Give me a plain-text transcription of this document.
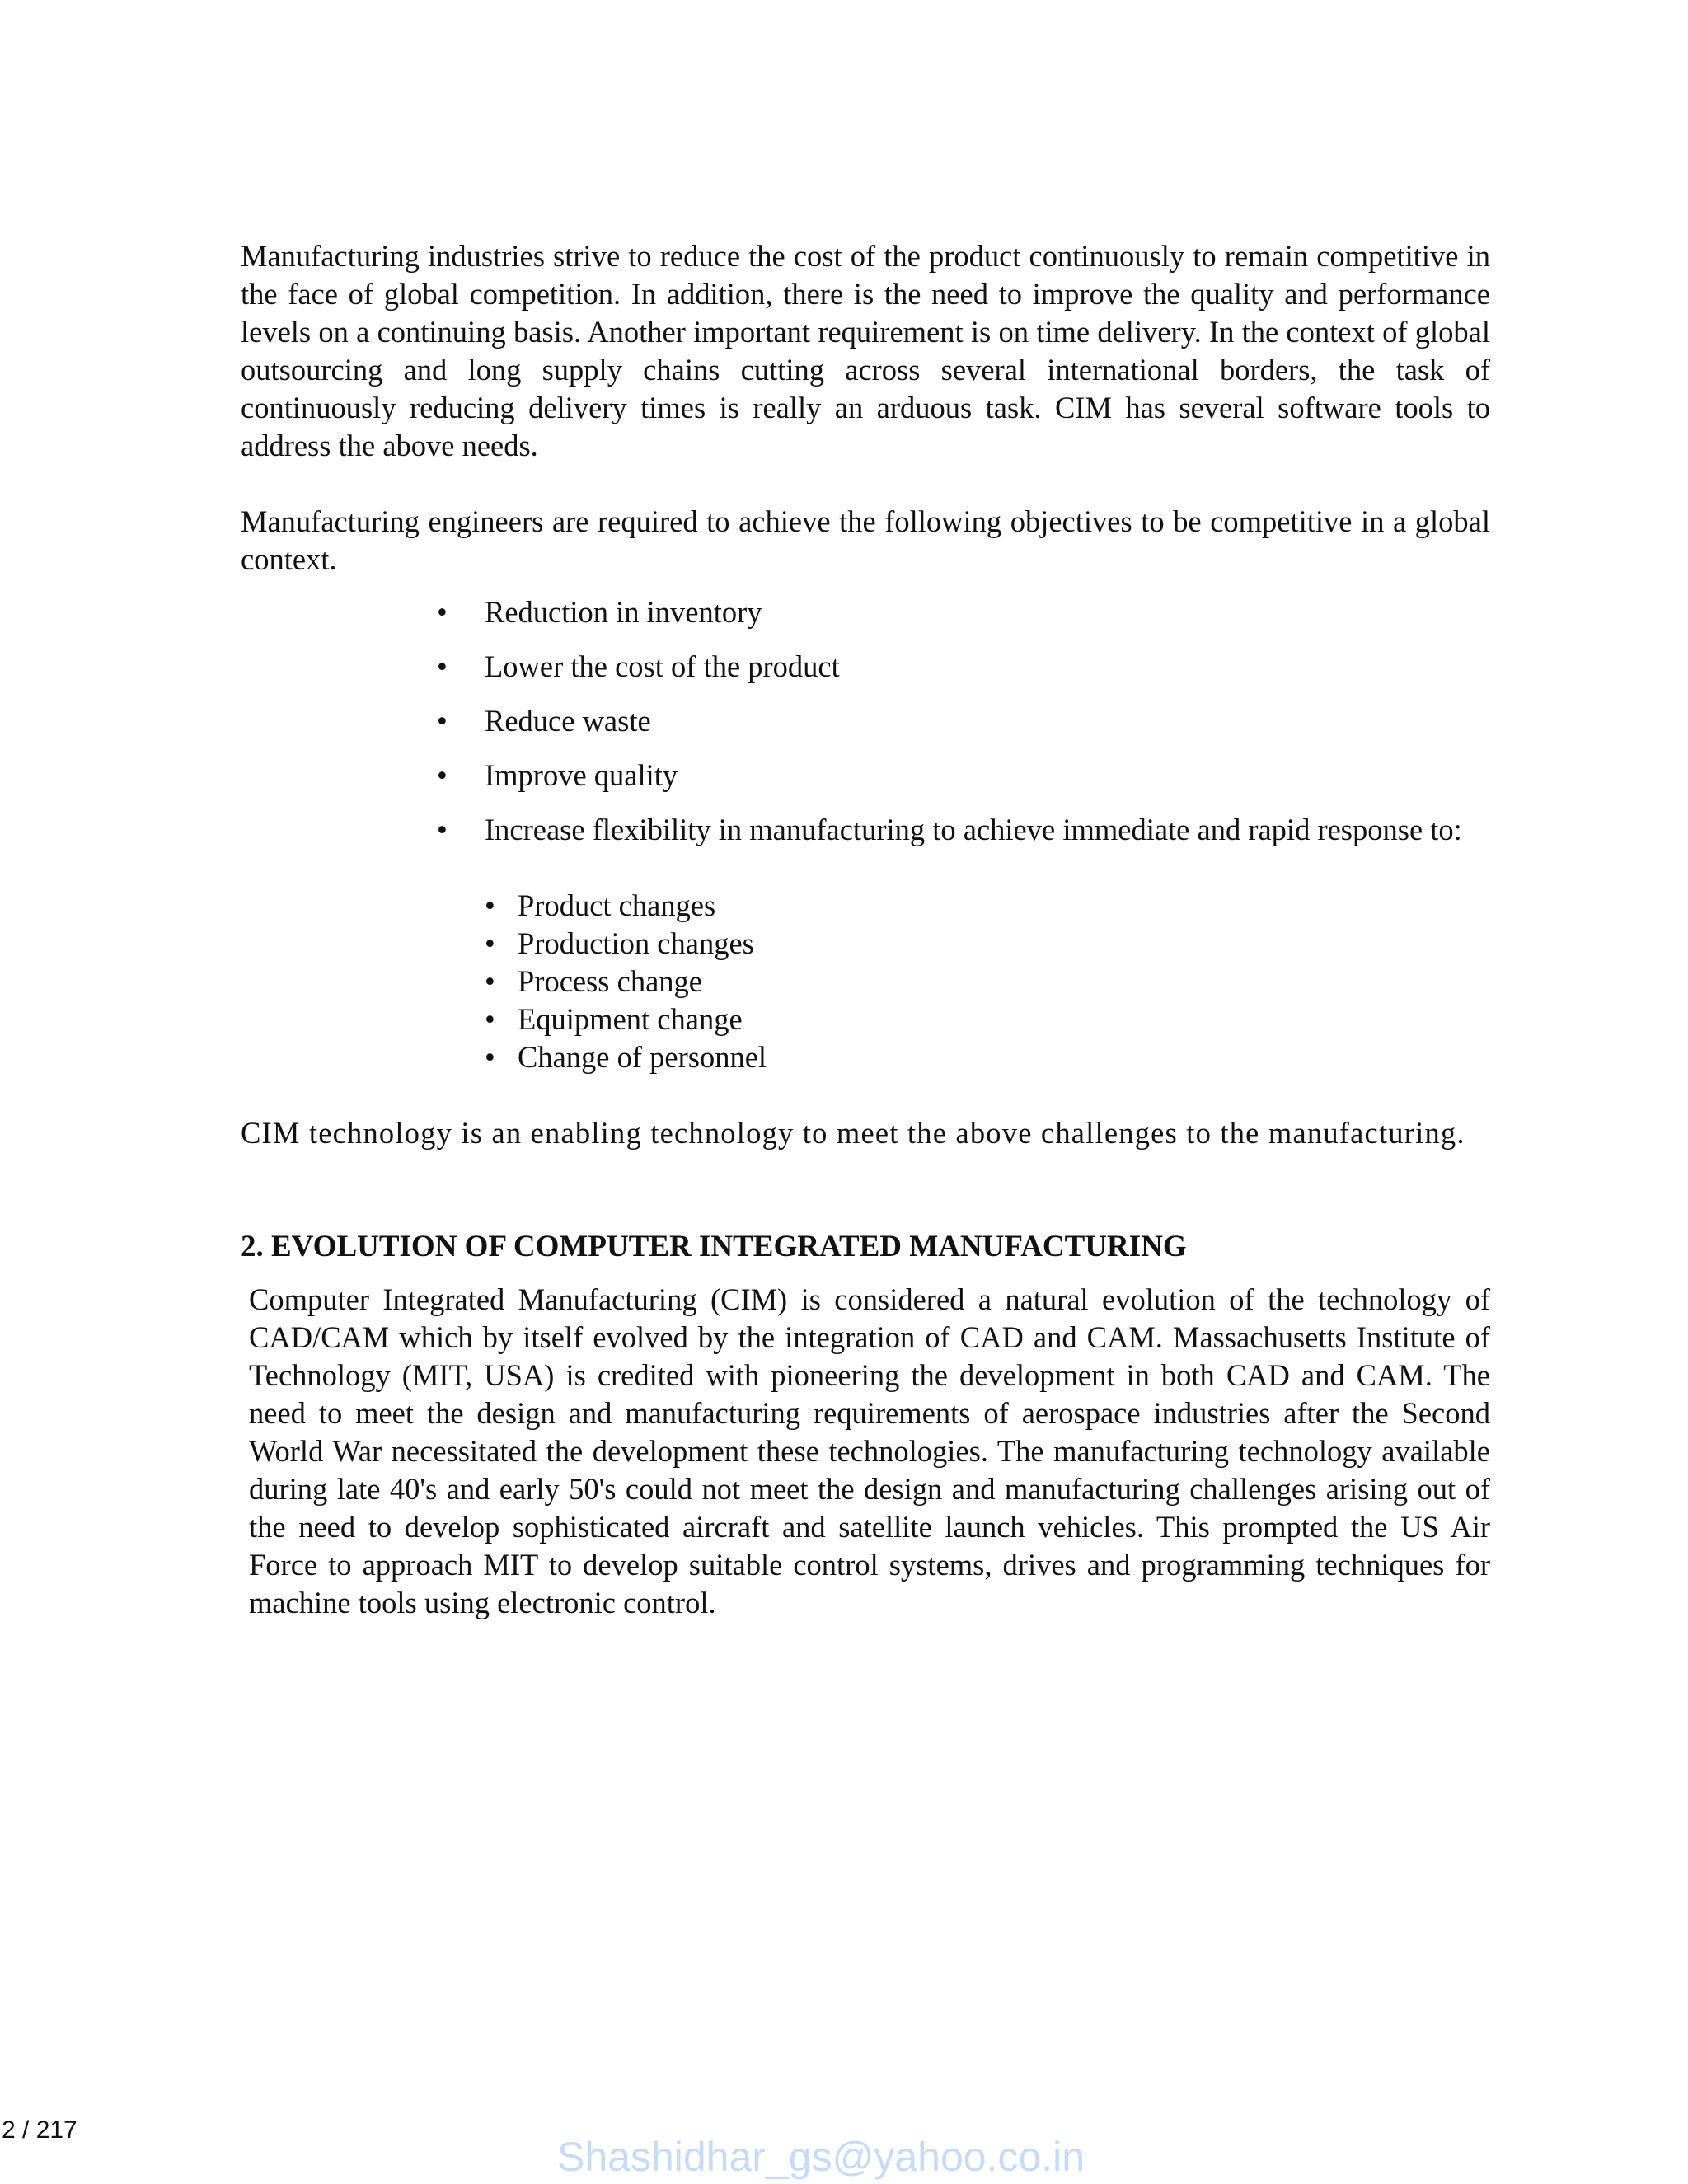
Manufacturing industries strive to reduce the cost of the product continuously to remain competitive in the face of global competition. In addition, there is the need to improve the quality and performance levels on a continuing basis. Another important requirement is on time delivery. In the context of global outsourcing and long supply chains cutting across several international borders, the task of continuously reducing delivery times is really an arduous task. CIM has several software tools to address the above needs.

Manufacturing engineers are required to achieve the following objectives to be competitive in a global context.

• Reduction in inventory
• Lower the cost of the product
• Reduce waste
• Improve quality
• Increase flexibility in manufacturing to achieve immediate and rapid response to:
• Product changes
• Production changes
• Process change
• Equipment change
• Change of personnel

CIM technology is an enabling technology to meet the above challenges to the manufacturing.

2. EVOLUTION OF COMPUTER INTEGRATED MANUFACTURING

Computer Integrated Manufacturing (CIM) is considered a natural evolution of the technology of CAD/CAM which by itself evolved by the integration of CAD and CAM. Massachusetts Institute of Technology (MIT, USA) is credited with pioneering the development in both CAD and CAM. The need to meet the design and manufacturing requirements of aerospace industries after the Second World War necessitated the development these technologies. The manufacturing technology available during late 40's and early 50's could not meet the design and manufacturing challenges arising out of the need to develop sophisticated aircraft and satellite launch vehicles. This prompted the US Air Force to approach MIT to develop suitable control systems, drives and programming techniques for machine tools using electronic control.

2 / 217
Shashidhar_gs@yahoo.co.in
